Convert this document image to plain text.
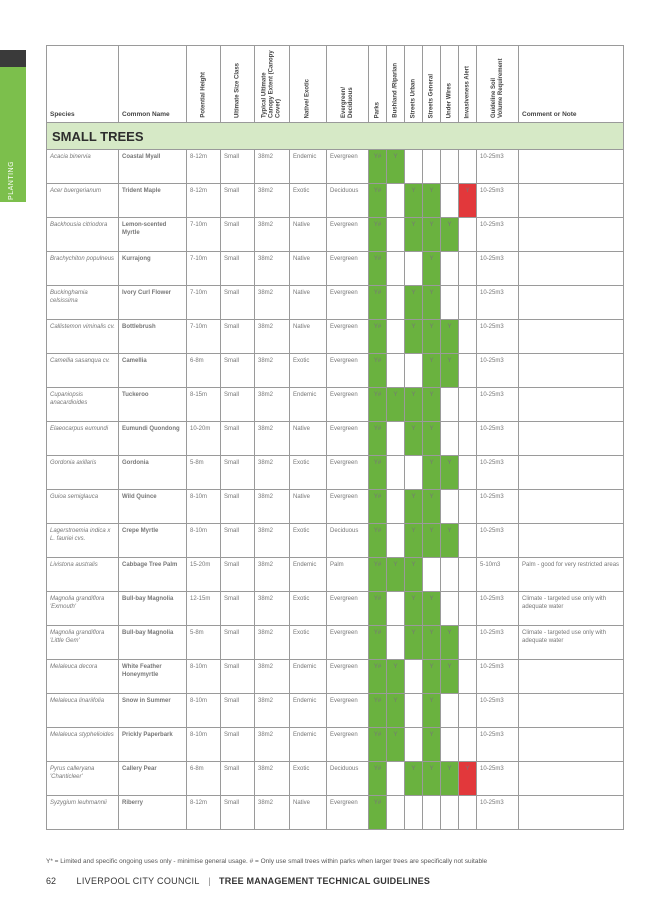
TREE PLANTING
Species	Common Name	Potential Height	Ultimate Size Class	Typical Ultimate Canopy Extent (Canopy Cover)	Native/ Exotic	Evergreen/ Deciduous	Parks	Bushland /Riparian	Streets Urban	Streets General	Under Wires	Invasiveness Alert	Guideline Soil Volume Requirement	Comment or Note
SMALL TREES														
Acacia binervia	Coastal Myall	8-12m	Small	38m2	Endemic	Evergreen	Y#	Y					10-25m3	
Acer buergerianum	Trident Maple	8-12m	Small	38m2	Exotic	Deciduous	Y#		Y	Y		Y	10-25m3	
Backhousia citriodora	Lemon-scented Myrtle	7-10m	Small	38m2	Native	Evergreen	Y#		Y	Y	Y		10-25m3	
Brachychiton populneus	Kurrajong	7-10m	Small	38m2	Native	Evergreen	Y#			Y			10-25m3	
Buckinghamia celsissima	Ivory Curl Flower	7-10m	Small	38m2	Native	Evergreen	Y#		Y	Y			10-25m3	
Callistemon viminalis cv.	Bottlebrush	7-10m	Small	38m2	Native	Evergreen	Y#		Y	Y	Y		10-25m3	
Camellia sasanqua cv.	Camellia	6-8m	Small	38m2	Exotic	Evergreen	Y#			Y	Y		10-25m3	
Cupaniopsis anacardioides	Tuckeroo	8-15m	Small	38m2	Endemic	Evergreen	Y#	Y	Y	Y			10-25m3	
Elaeocarpus eumundi	Eumundi Quondong	10-20m	Small	38m2	Native	Evergreen	Y#		Y	Y			10-25m3	
Gordonia axillaris	Gordonia	5-8m	Small	38m2	Exotic	Evergreen	Y#			Y	Y		10-25m3	
Guioa semiglauca	Wild Quince	8-10m	Small	38m2	Native	Evergreen	Y#		Y	Y			10-25m3	
Lagerstroemia indica x L. fauriei cvs.	Crepe Myrtle	8-10m	Small	38m2	Exotic	Deciduous	Y#		Y	Y	Y		10-25m3	
Livistona australis	Cabbage Tree Palm	15-20m	Small	38m2	Endemic	Palm	Y#	Y	Y				5-10m3	Palm - good for very restricted areas
Magnolia grandiflora 'Exmouth'	Bull-bay Magnolia	12-15m	Small	38m2	Exotic	Evergreen	Y#		Y	Y			10-25m3	Climate - targeted use only with adequate water
Magnolia grandiflora 'Little Gem'	Bull-bay Magnolia	5-8m	Small	38m2	Exotic	Evergreen	Y#		Y	Y	Y		10-25m3	Climate - targeted use only with adequate water
Melaleuca decora	White Feather Honeymyrtle	8-10m	Small	38m2	Endemic	Evergreen	Y#	Y		Y	Y		10-25m3	
Melaleuca linariifolia	Snow in Summer	8-10m	Small	38m2	Endemic	Evergreen	Y#	Y		Y			10-25m3	
Melaleuca styphelioides	Prickly Paperbark	8-10m	Small	38m2	Endemic	Evergreen	Y#	Y		Y			10-25m3	
Pyrus calleryana 'Chanticleer'	Callery Pear	6-8m	Small	38m2	Exotic	Deciduous	Y#		Y	Y	Y	Y	10-25m3	
Syzygium leuhmannii	Riberry	8-12m	Small	38m2	Native	Evergreen	Y#						10-25m3	
Y* = Limited and specific ongoing uses only - minimise general usage. # = Only use small trees within parks when larger trees are specifically not suitable
62 LIVERPOOL CITY COUNCIL | TREE MANAGEMENT TECHNICAL GUIDELINES
